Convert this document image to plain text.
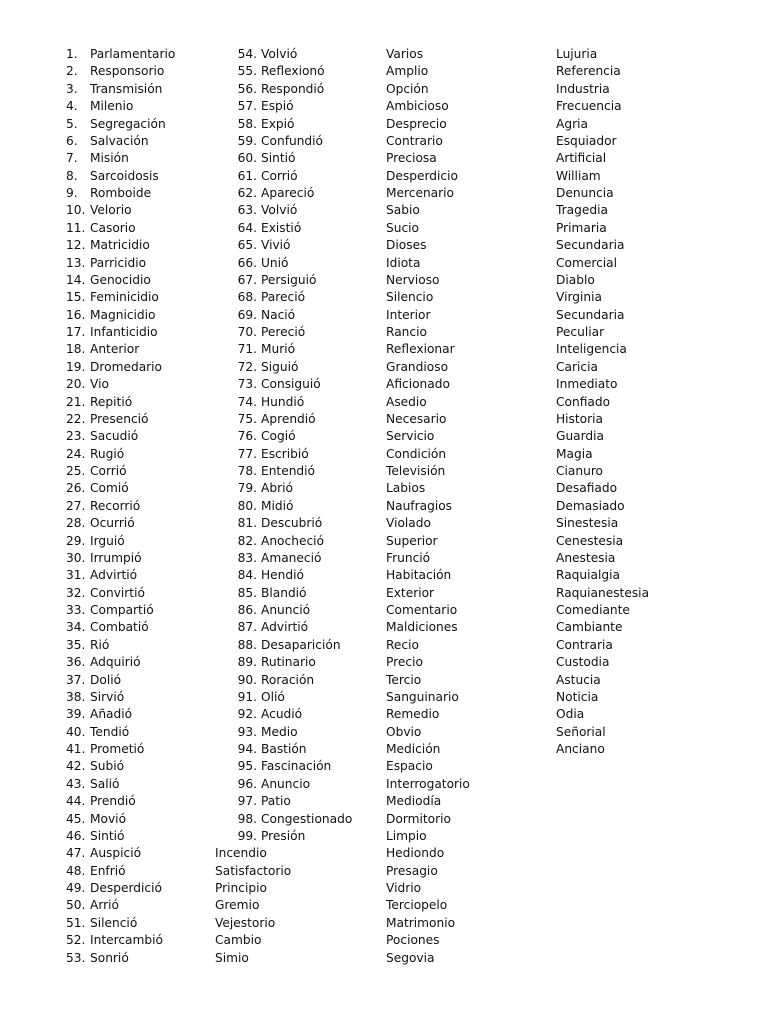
1. Parlamentario
2. Responsorio
3. Transmisión
4. Milenio
5. Segregación
6. Salvación
7. Misión
8. Sarcoidosis
9. Romboide
10. Velorio
11. Casorio
12. Matricidio
13. Parricidio
14. Genocidio
15. Feminicidio
16. Magnicidio
17. Infanticidio
18. Anterior
19. Dromedario
20. Vio
21. Repitió
22. Presenció
23. Sacudió
24. Rugió
25. Corrió
26. Comió
27. Recorrió
28. Ocurrió
29. Irguió
30. Irrumpió
31. Advirtió
32. Convirtió
33. Compartió
34. Combatió
35. Rió
36. Adquirió
37. Dolió
38. Sirvió
39. Añadió
40. Tendió
41. Prometió
42. Subió
43. Salió
44. Prendió
45. Movió
46. Sintió
47. Auspició
48. Enfrió
49. Desperdició
50. Arrió
51. Silenció
52. Intercambió
53. Sonrió
54. Volvió
55. Reflexionó
56. Respondió
57. Espió
58. Expió
59. Confundió
60. Sintió
61. Corrió
62. Apareció
63. Volvió
64. Existió
65. Vivió
66. Unió
67. Persiguió
68. Pareció
69. Nació
70. Pereció
71. Murió
72. Siguió
73. Consiguió
74. Hundió
75. Aprendió
76. Cogió
77. Escribió
78. Entendió
79. Abrió
80. Midió
81. Descubrió
82. Anocheció
83. Amaneció
84. Hendió
85. Blandió
86. Anunció
87. Advirtió
88. Desaparición
89. Rutinario
90. Roración
91. Olió
92. Acudió
93. Medio
94. Bastión
95. Fascinación
96. Anuncio
97. Patio
98. Congestionado
99. Presión
Incendio
Satisfactorio
Principio
Gremio
Vejestorio
Cambio
Simio
Varios
Amplio
Opción
Ambicioso
Desprecio
Contrario
Preciosa
Desperdicio
Mercenario
Sabio
Sucio
Dioses
Idiota
Nervioso
Silencio
Interior
Rancio
Reflexionar
Grandioso
Aficionado
Asedio
Necesario
Servicio
Condición
Televisión
Labios
Naufragios
Violado
Superior
Frunció
Habitación
Exterior
Comentario
Maldiciones
Recio
Precio
Tercio
Sanguinario
Remedio
Obvio
Medición
Espacio
Interrogatorio
Mediodía
Dormitorio
Limpio
Hediondo
Presagio
Vidrio
Terciopelo
Matrimonio
Pociones
Segovia
Lujuria
Referencia
Industria
Frecuencia
Agria
Esquiador
Artificial
William
Denuncia
Tragedia
Primaria
Secundaria
Comercial
Diablo
Virginia
Secundaria
Peculiar
Inteligencia
Caricia
Inmediato
Confiado
Historia
Guardia
Magia
Cianuro
Desafiado
Demasiado
Sinestesia
Cenestesia
Anestesia
Raquialgia
Raquianestesia
Comediante
Cambiante
Contraria
Custodia
Astucia
Noticia
Odia
Señorial
Anciano
